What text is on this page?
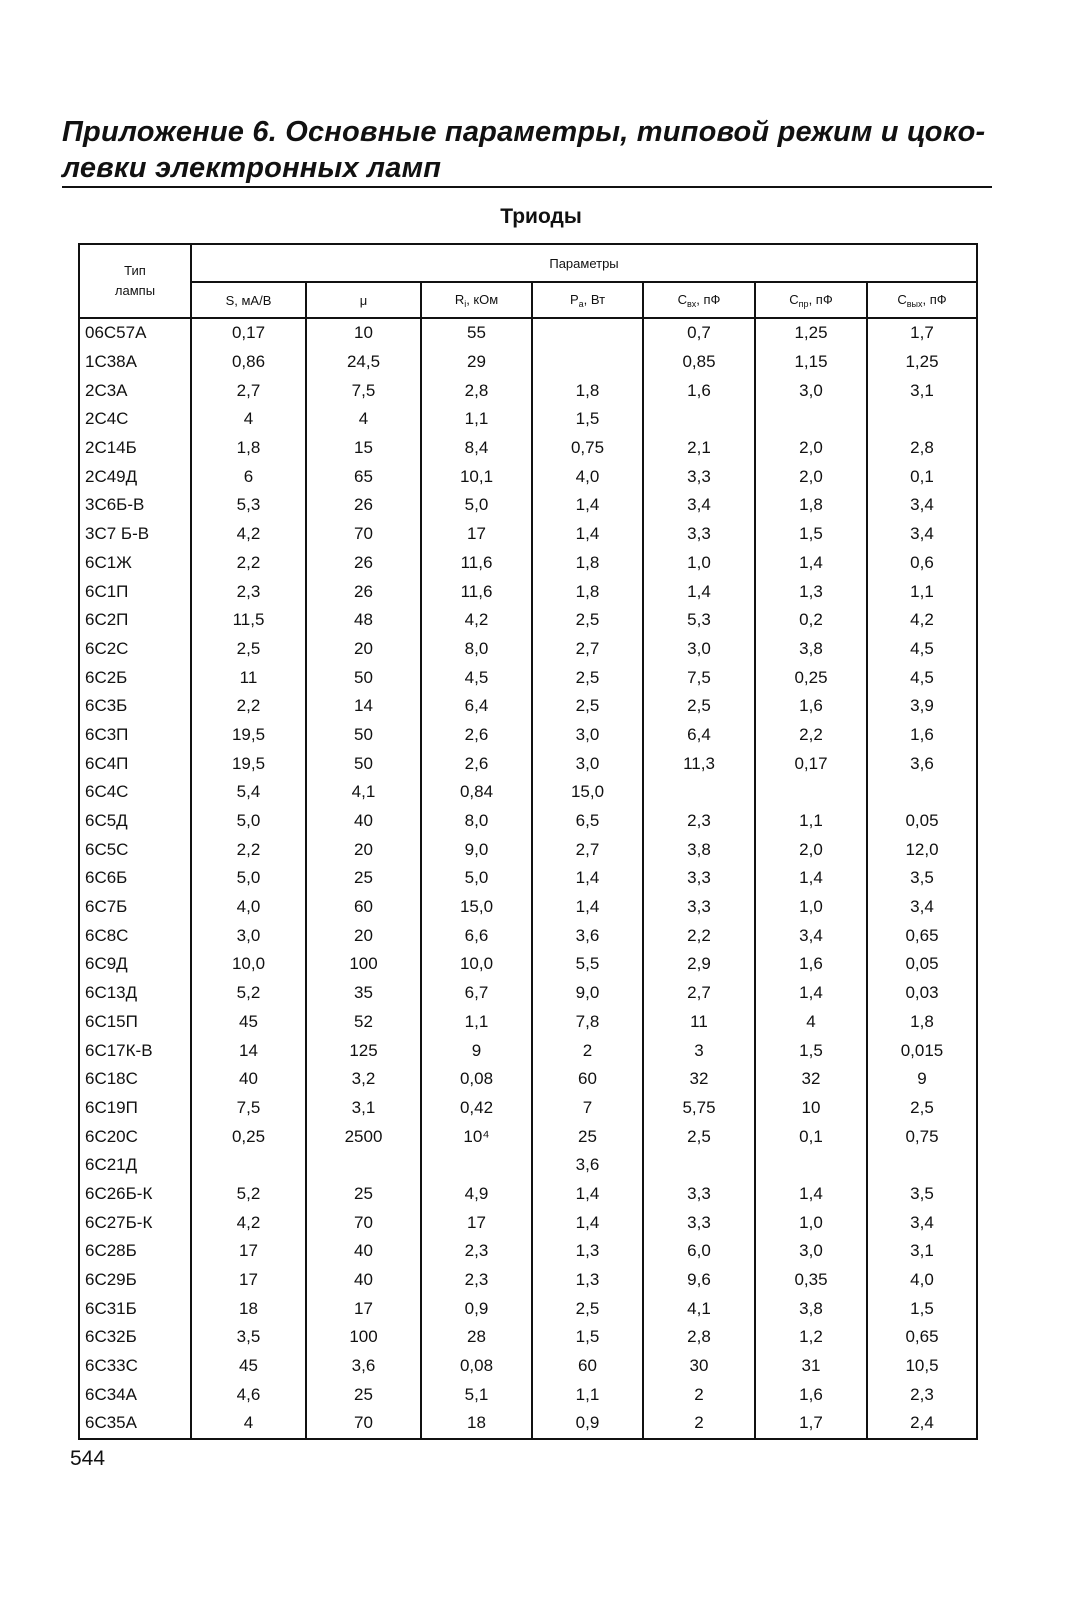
Приложение 6. Основные параметры, типовой режим и цоко-
левки электронных ламп
Триоды
Тип
лампы	Параметры						
	S, мА/В	μ	$R_i$, кОм	$P_a$, Вт	$C_{вх}$, пФ	$C_{пр}$, пФ	$C_{вых}$, пФ
06С57А	0,17	10	55		0,7	1,25	1,7
1С38А	0,86	24,5	29		0,85	1,15	1,25
2С3А	2,7	7,5	2,8	1,8	1,6	3,0	3,1
2С4С	4	4	1,1	1,5			
2С14Б	1,8	15	8,4	0,75	2,1	2,0	2,8
2С49Д	6	65	10,1	4,0	3,3	2,0	0,1
3С6Б-В	5,3	26	5,0	1,4	3,4	1,8	3,4
3С7 Б-В	4,2	70	17	1,4	3,3	1,5	3,4
6С1Ж	2,2	26	11,6	1,8	1,0	1,4	0,6
6С1П	2,3	26	11,6	1,8	1,4	1,3	1,1
6С2П	11,5	48	4,2	2,5	5,3	0,2	4,2
6С2С	2,5	20	8,0	2,7	3,0	3,8	4,5
6С2Б	11	50	4,5	2,5	7,5	0,25	4,5
6С3Б	2,2	14	6,4	2,5	2,5	1,6	3,9
6С3П	19,5	50	2,6	3,0	6,4	2,2	1,6
6С4П	19,5	50	2,6	3,0	11,3	0,17	3,6
6С4С	5,4	4,1	0,84	15,0			
6С5Д	5,0	40	8,0	6,5	2,3	1,1	0,05
6С5С	2,2	20	9,0	2,7	3,8	2,0	12,0
6С6Б	5,0	25	5,0	1,4	3,3	1,4	3,5
6С7Б	4,0	60	15,0	1,4	3,3	1,0	3,4
6С8С	3,0	20	6,6	3,6	2,2	3,4	0,65
6С9Д	10,0	100	10,0	5,5	2,9	1,6	0,05
6С13Д	5,2	35	6,7	9,0	2,7	1,4	0,03
6С15П	45	52	1,1	7,8	11	4	1,8
6С17К-В	14	125	9	2	3	1,5	0,015
6С18С	40	3,2	0,08	60	32	32	9
6С19П	7,5	3,1	0,42	7	5,75	10	2,5
6С20С	0,25	2500	10⁴	25	2,5	0,1	0,75
6С21Д				3,6			
6С26Б-К	5,2	25	4,9	1,4	3,3	1,4	3,5
6С27Б-К	4,2	70	17	1,4	3,3	1,0	3,4
6С28Б	17	40	2,3	1,3	6,0	3,0	3,1
6С29Б	17	40	2,3	1,3	9,6	0,35	4,0
6С31Б	18	17	0,9	2,5	4,1	3,8	1,5
6С32Б	3,5	100	28	1,5	2,8	1,2	0,65
6С33С	45	3,6	0,08	60	30	31	10,5
6С34А	4,6	25	5,1	1,1	2	1,6	2,3
6С35А	4	70	18	0,9	2	1,7	2,4
544
